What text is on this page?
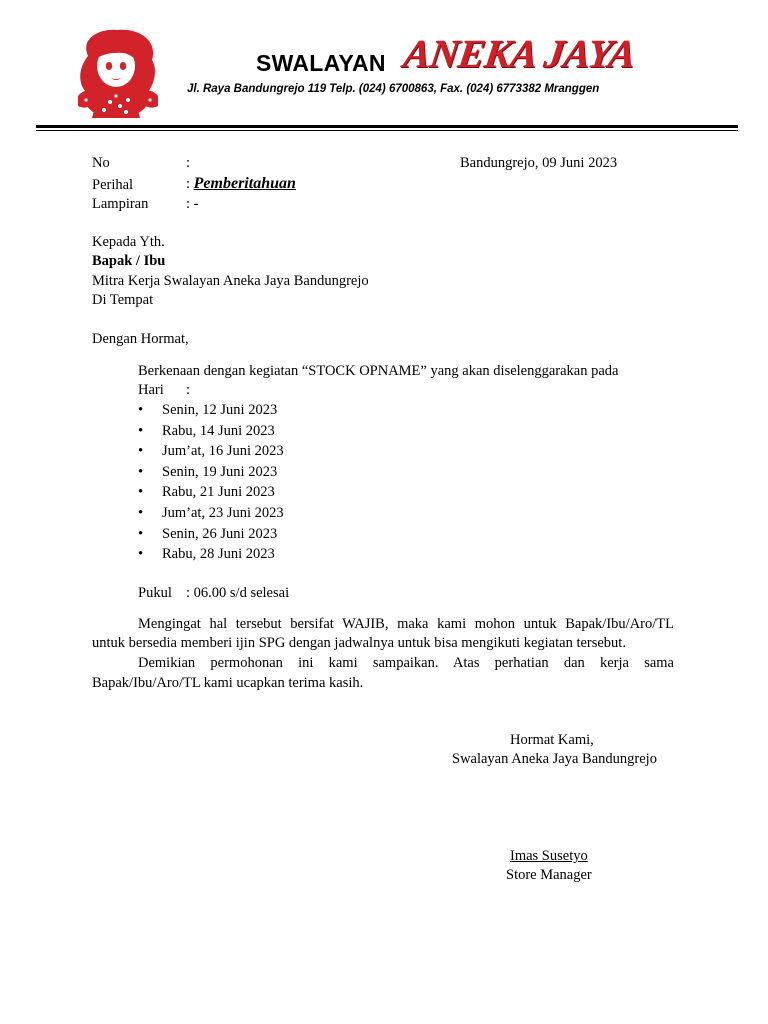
SWALAYAN ANEKA JAYA
Jl. Raya Bandungrejo 119 Telp. (024) 6700863, Fax. (024) 6773382 Mranggen
No	:	Bandungrejo, 09 Juni 2023
Perihal	: Pemberitahuan
Lampiran	: -
Kepada Yth.
Bapak / Ibu
Mitra Kerja Swalayan Aneka Jaya Bandungrejo
Di Tempat
Dengan Hormat,
Berkenaan dengan kegiatan “STOCK OPNAME” yang akan diselenggarakan pada
Hari :
• Senin, 12 Juni 2023
• Rabu, 14 Juni 2023
• Jum’at, 16 Juni 2023
• Senin, 19 Juni 2023
• Rabu, 21 Juni 2023
• Jum’at, 23 Juni 2023
• Senin, 26 Juni 2023
• Rabu, 28 Juni 2023
Pukul : 06.00 s/d selesai
Mengingat hal tersebut bersifat WAJIB, maka kami mohon untuk Bapak/Ibu/Aro/TL
untuk bersedia memberi ijin SPG dengan jadwalnya untuk bisa mengikuti kegiatan tersebut.
Demikian permohonan ini kami sampaikan. Atas perhatian dan kerja sama
Bapak/Ibu/Aro/TL kami ucapkan terima kasih.
Hormat Kami,
Swalayan Aneka Jaya Bandungrejo
Imas Susetyo
Store Manager
